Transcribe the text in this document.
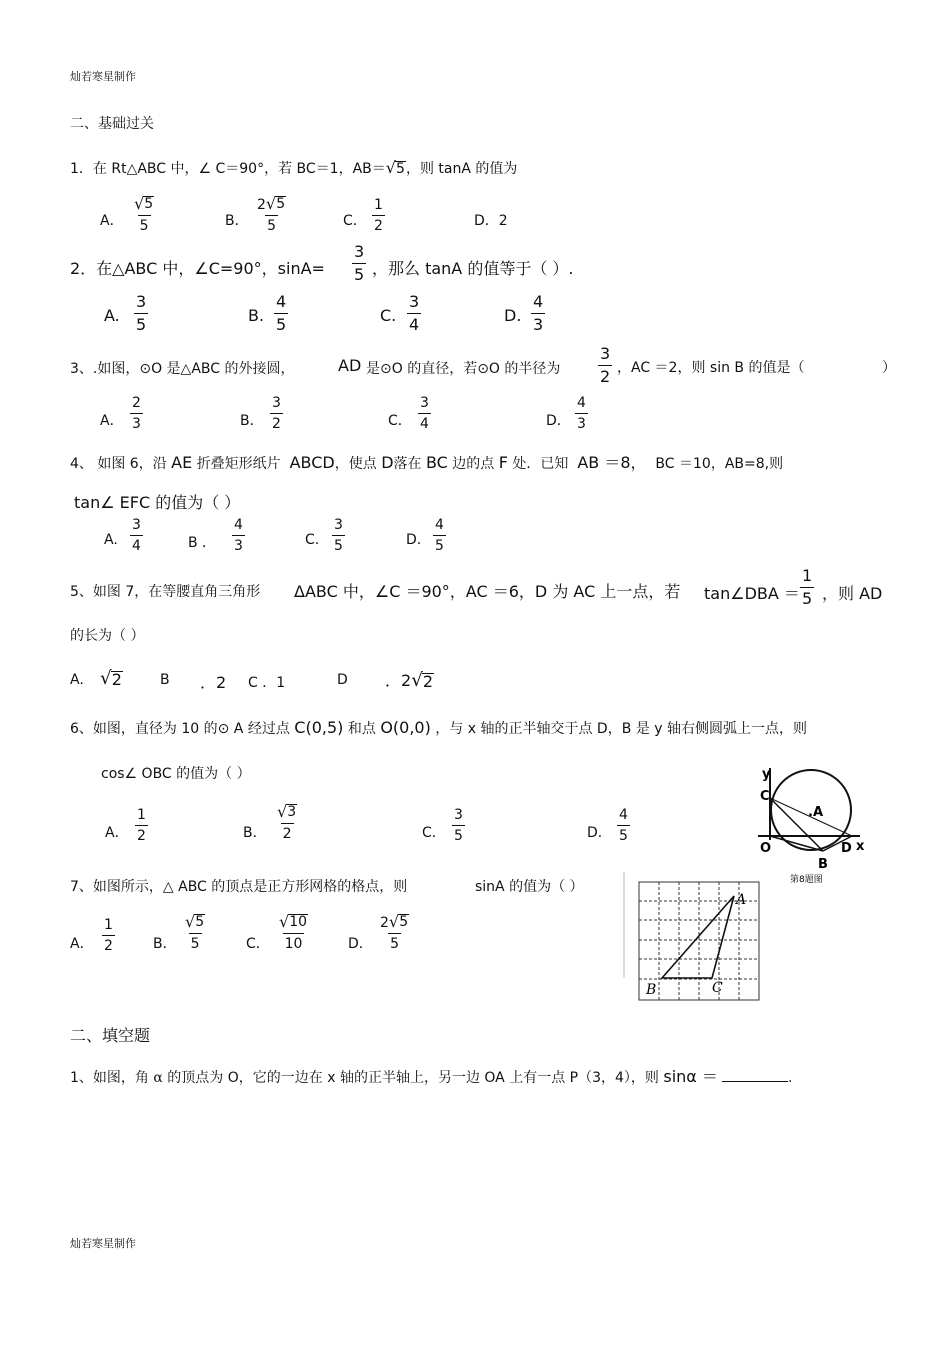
灿若寒星制作
二、基础过关
1．在 Rt△ABC 中，∠ C＝90°，若 BC＝1，AB＝ √ 5 ，则 tanA 的值为
A． $\frac{√ 5}{5}$	B． $\frac{2 √ 5}{5}$	C． $\frac{1}{2}$	D．2
2．在△ABC 中，∠C=90°，$\sin A= \frac{3}{5}$ ，那么 tanA 的值等于（ ）.
A. $\frac{3}{5}$	B. $\frac{4}{5}$	C. $\frac{3}{4}$	D. $\frac{4}{3}$
3、.如图，⊙O 是△ABC 的外接圆，	AD 是⊙O 的直径，若⊙O 的半径为 $\frac{3}{2}$ ，AC ＝2，则 sin B 的值是（	）
A． $\frac{2}{3}$	B． $\frac{3}{2}$	C． $\frac{3}{4}$	D． $\frac{4}{3}$
4、 如图 6，沿 AE 折叠矩形纸片 ABCD，使点 D落在 BC 边的点 F 处．已知 AB ＝8， BC ＝10，AB=8,则
tan∠ EFC 的值为（ ）
A. $\frac{3}{4}$	B ． $\frac{4}{3}$	C. $\frac{3}{5}$	D. $\frac{4}{5}$
5、如图 7，在等腰直角三角形 ΔABC 中，∠C ＝90°，AC ＝6，D 为 AC 上一点，若 tan∠DBA ＝ $\frac{1}{5}$ ，则 AD
的长为（ ）
A. √ 2	B ．2 C ．1	D ．2 √ 2
6、如图，直径为 10 的⊙ A 经过点 C(0,5) 和点 O(0,0) ，与 x 轴的正半轴交于点 D，B 是 y 轴右侧圆弧上一点，则
cos∠ OBC 的值为（ ）
A． $\frac{1}{2}$	B． $\frac{√ 3}{2}$	C． $\frac{3}{5}$	D． $\frac{4}{5}$
y
C
.A
O
B
D x
第8题图
7、如图所示，△ ABC 的顶点是正方形网格的格点，则	sinA 的值为（ ）
A． $\frac{1}{2}$	B． $\frac{√ 5}{5}$	C． $\frac{√ 10}{10}$	D． $\frac{2 √ 5}{5}$
A
B	C
二、填空题
1、如图，角 α 的顶点为 O，它的一边在 x 轴的正半轴上，另一边 OA 上有一点 P（3，4），则 sinα ＝	.
灿若寒星制作
